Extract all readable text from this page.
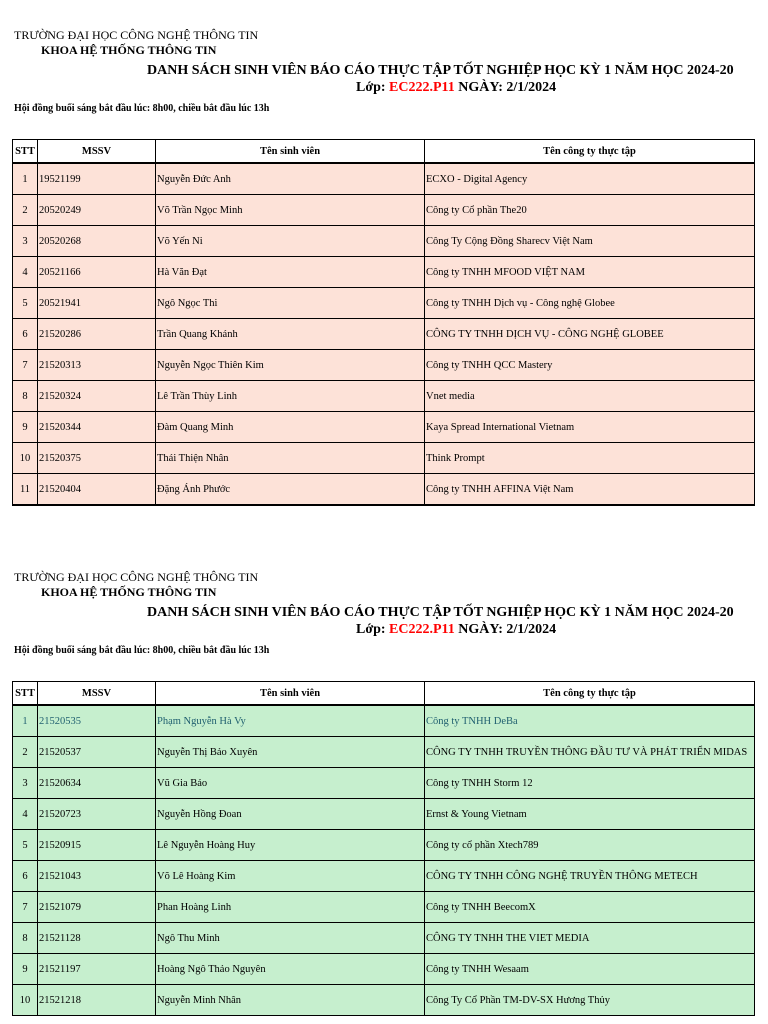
TRƯỜNG ĐẠI HỌC CÔNG NGHỆ THÔNG TIN
KHOA HỆ THỐNG THÔNG TIN
DANH SÁCH SINH VIÊN BÁO CÁO THỰC TẬP TỐT NGHIỆP HỌC KỲ 1 NĂM HỌC 2024-20
Lớp: EC222.P11 NGÀY: 2/1/2024
Hội đồng buổi sáng bắt đầu lúc: 8h00, chiều bắt đầu lúc 13h
STT	MSSV	Tên sinh viên	Tên công ty thực tập
1	19521199	Nguyễn Đức Anh	ECXO - Digital Agency
2	20520249	Võ Trần Ngọc Minh	Công ty Cổ phần The20
3	20520268	Võ Yến Ni	Công Ty Cộng Đồng Sharecv Việt Nam
4	20521166	Hà Văn Đạt	Công ty TNHH MFOOD VIỆT NAM
5	20521941	Ngô Ngọc Thi	Công ty TNHH Dịch vụ - Công nghệ Globee
6	21520286	Trần Quang Khánh	CÔNG TY TNHH DỊCH VỤ - CÔNG NGHỆ GLOBEE
7	21520313	Nguyễn Ngọc Thiên Kim	Công ty TNHH QCC Mastery
8	21520324	Lê Trần Thùy Linh	Vnet media
9	21520344	Đàm Quang Minh	Kaya Spread International Vietnam
10	21520375	Thái Thiện Nhân	Think Prompt
11	21520404	Đặng Ánh Phước	Công ty TNHH AFFINA Việt Nam
TRƯỜNG ĐẠI HỌC CÔNG NGHỆ THÔNG TIN
KHOA HỆ THỐNG THÔNG TIN
DANH SÁCH SINH VIÊN BÁO CÁO THỰC TẬP TỐT NGHIỆP HỌC KỲ 1 NĂM HỌC 2024-20
Lớp: EC222.P11 NGÀY: 2/1/2024
Hội đồng buổi sáng bắt đầu lúc: 8h00, chiều bắt đầu lúc 13h
STT	MSSV	Tên sinh viên	Tên công ty thực tập
1	21520535	Phạm Nguyễn Hà Vy	Công ty TNHH DeBa
2	21520537	Nguyễn Thị Bảo Xuyên	CÔNG TY TNHH TRUYỀN THÔNG ĐẦU TƯ VÀ PHÁT TRIỂN MIDAS
3	21520634	Vũ Gia Bảo	Công ty TNHH Storm 12
4	21520723	Nguyễn Hồng Đoan	Ernst & Young Vietnam
5	21520915	Lê Nguyễn Hoàng Huy	Công ty cổ phần Xtech789
6	21521043	Võ Lê Hoàng Kim	CÔNG TY TNHH CÔNG NGHỆ TRUYỀN THÔNG METECH
7	21521079	Phan Hoàng Linh	Công ty TNHH BeecomX
8	21521128	Ngô Thu Minh	CÔNG TY TNHH THE VIET MEDIA
9	21521197	Hoàng Ngô Thảo Nguyên	Công ty TNHH Wesaam
10	21521218	Nguyễn Minh Nhân	Công Ty Cổ Phần TM-DV-SX Hương Thủy
